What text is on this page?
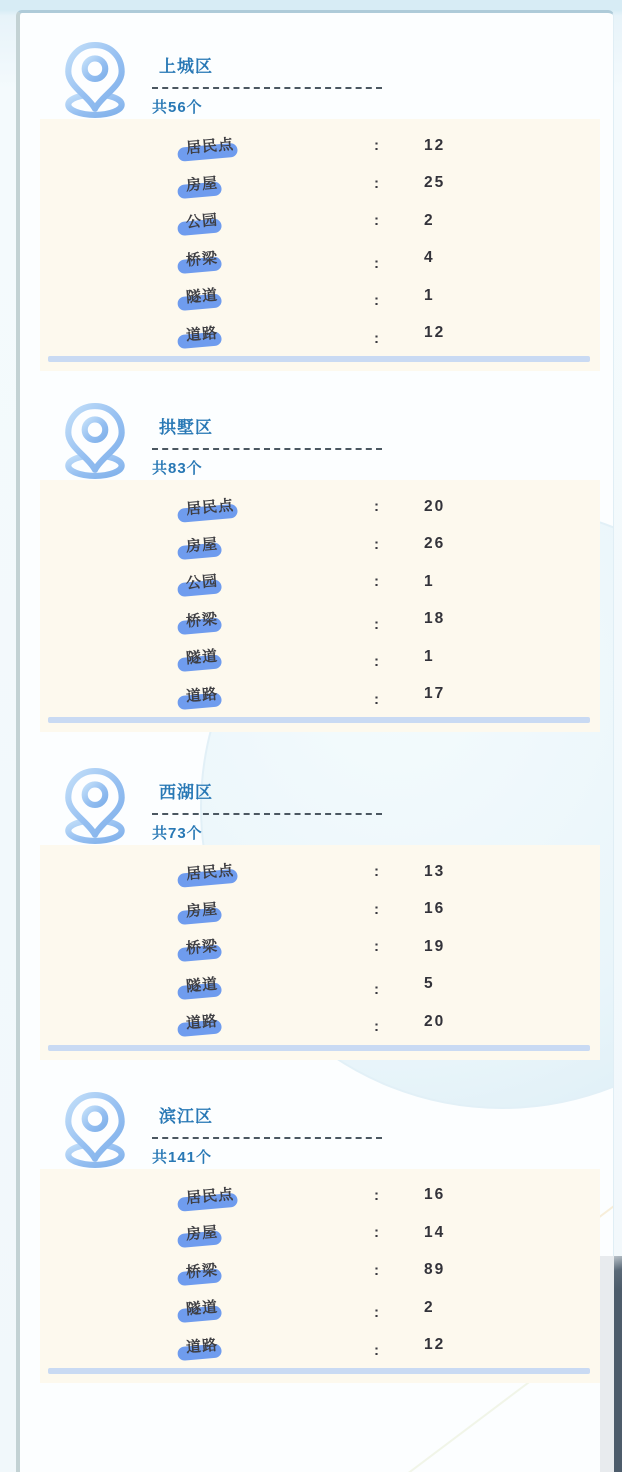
上城区
共56个
居民点	:	12
房屋	:	25
公园	:	2
桥梁	:	4
隧道	:	1
道路	:	12
拱墅区
共83个
居民点	:	20
房屋	:	26
公园	:	1
桥梁	:	18
隧道	:	1
道路	:	17
西湖区
共73个
居民点	:	13
房屋	:	16
桥梁	:	19
隧道	:	5
道路	:	20
滨江区
共141个
居民点	:	16
房屋	:	14
桥梁	:	89
隧道	:	2
道路	:	12
